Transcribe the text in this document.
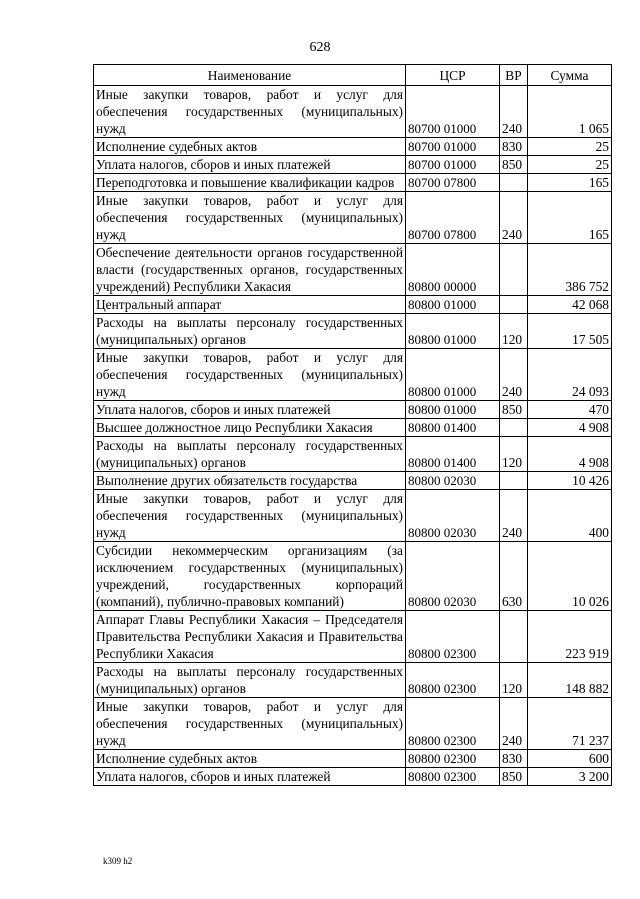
628
Наименование	ЦСР	ВР	Сумма
Иные закупки товаров, работ и услуг для обеспечения государственных (муниципальных) нужд	80700 01000	240	1 065
Исполнение судебных актов	80700 01000	830	25
Уплата налогов, сборов и иных платежей	80700 01000	850	25
Переподготовка и повышение квалификации кадров	80700 07800		165
Иные закупки товаров, работ и услуг для обеспечения государственных (муниципальных) нужд	80700 07800	240	165
Обеспечение деятельности органов государственной власти (государственных органов, государственных учреждений) Республики Хакасия	80800 00000		386 752
Центральный аппарат	80800 01000		42 068
Расходы на выплаты персоналу государственных (муниципальных) органов	80800 01000	120	17 505
Иные закупки товаров, работ и услуг для обеспечения государственных (муниципальных) нужд	80800 01000	240	24 093
Уплата налогов, сборов и иных платежей	80800 01000	850	470
Высшее должностное лицо Республики Хакасия	80800 01400		4 908
Расходы на выплаты персоналу государственных (муниципальных) органов	80800 01400	120	4 908
Выполнение других обязательств государства	80800 02030		10 426
Иные закупки товаров, работ и услуг для обеспечения государственных (муниципальных) нужд	80800 02030	240	400
Субсидии некоммерческим организациям (за исключением государственных (муниципальных) учреждений, государственных корпораций (компаний), публично-правовых компаний)	80800 02030	630	10 026
Аппарат Главы Республики Хакасия – Председателя Правительства Республики Хакасия и Правительства Республики Хакасия	80800 02300		223 919
Расходы на выплаты персоналу государственных (муниципальных) органов	80800 02300	120	148 882
Иные закупки товаров, работ и услуг для обеспечения государственных (муниципальных) нужд	80800 02300	240	71 237
Исполнение судебных актов	80800 02300	830	600
Уплата налогов, сборов и иных платежей	80800 02300	850	3 200
k309 h2
